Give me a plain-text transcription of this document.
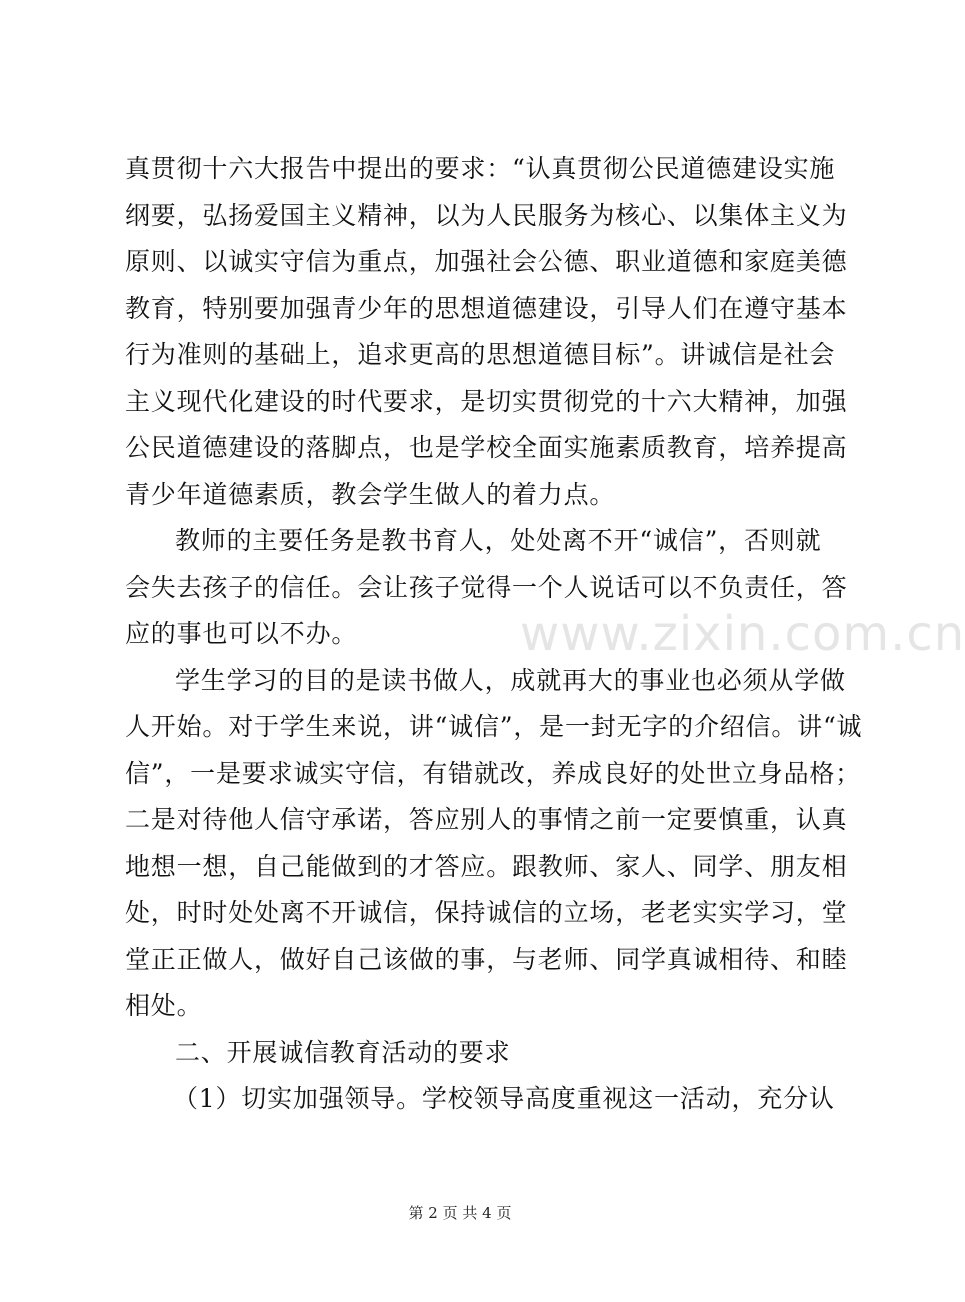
真贯彻十六大报告中提出的要求：“认真贯彻公民道德建设实施
纲要，弘扬爱国主义精神，以为人民服务为核心、以集体主义为
原则、以诚实守信为重点，加强社会公德、职业道德和家庭美德
教育，特别要加强青少年的思想道德建设，引导人们在遵守基本
行为准则的基础上，追求更高的思想道德目标”。讲诚信是社会
主义现代化建设的时代要求，是切实贯彻党的十六大精神，加强
公民道德建设的落脚点，也是学校全面实施素质教育，培养提高
青少年道德素质，教会学生做人的着力点。
教师的主要任务是教书育人，处处离不开“诚信”，否则就
会失去孩子的信任。会让孩子觉得一个人说话可以不负责任，答
应的事也可以不办。
学生学习的目的是读书做人，成就再大的事业也必须从学做
人开始。对于学生来说，讲“诚信”，是一封无字的介绍信。讲“诚
信”，一是要求诚实守信，有错就改，养成良好的处世立身品格；
二是对待他人信守承诺，答应别人的事情之前一定要慎重，认真
地想一想，自己能做到的才答应。跟教师、家人、同学、朋友相
处，时时处处离不开诚信，保持诚信的立场，老老实实学习，堂
堂正正做人，做好自己该做的事，与老师、同学真诚相待、和睦
相处。
二、开展诚信教育活动的要求
（1）切实加强领导。学校领导高度重视这一活动，充分认
www.zixin.com.cn
第 2 页 共 4 页
